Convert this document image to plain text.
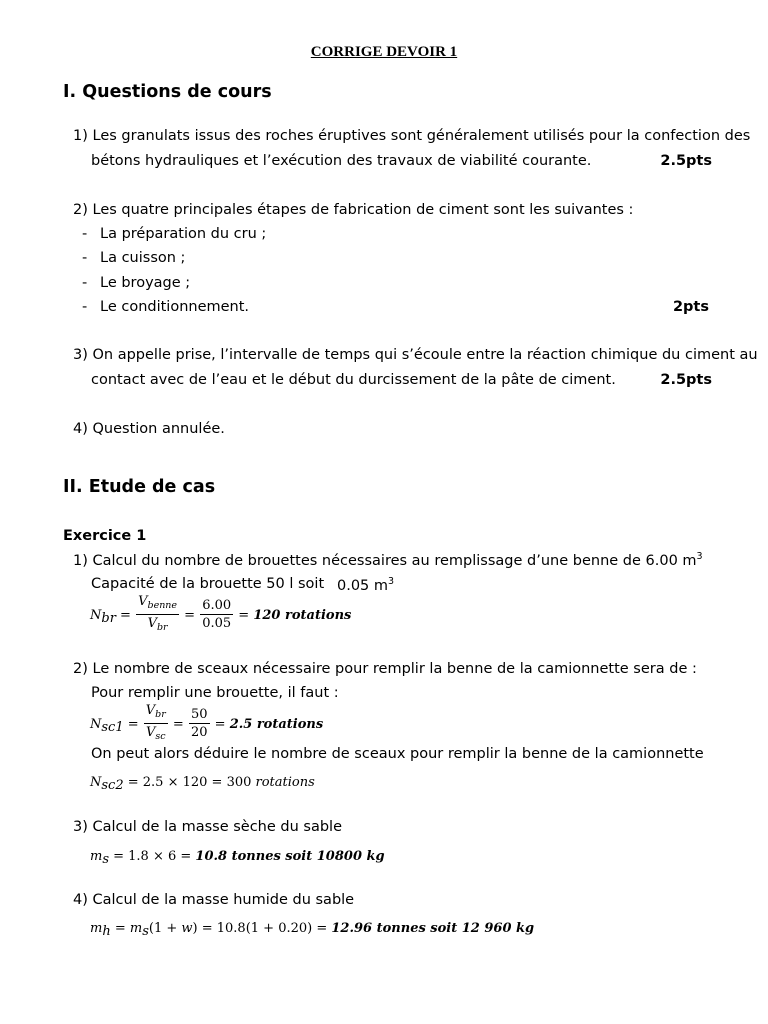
CORRIGE DEVOIR 1
I. Questions de cours
1) Les granulats issus des roches éruptives sont généralement utilisés pour la confection des
bétons hydrauliques et l’exécution des travaux de viabilité courante.	2.5pts
2) Les quatre principales étapes de fabrication de ciment sont les suivantes :
- La préparation du cru ;
- La cuisson ;
- Le broyage ;
- Le conditionnement.	2pts
3) On appelle prise, l’intervalle de temps qui s’écoule entre la réaction chimique du ciment au
contact avec de l’eau et le début du durcissement de la pâte de ciment.	2.5pts
4) Question annulée.
II. Etude de cas
Exercice 1
1) Calcul du nombre de brouettes nécessaires au remplissage d’une benne de 6.00 $m^3$
Capacité de la brouette 50 l soit 0.05 $m^3$
$N_{br} = \frac{V_{benne}}{V_{br}} = \frac{6.00}{0.05} = 120$ rotations
2) Le nombre de sceaux nécessaire pour remplir la benne de la camionnette sera de :
Pour remplir une brouette, il faut :
$N_{sc1} = \frac{V_{br}}{V_{sc}} = \frac{50}{20} = 2.5$ rotations
On peut alors déduire le nombre de sceaux pour remplir la benne de la camionnette
$N_{sc2} = 2.5 \times 120 = 300$ rotations
3) Calcul de la masse sèche du sable
$m_s = 1.8 \times 6 = 10.8$ tonnes soit 10800 kg
4) Calcul de la masse humide du sable
$m_h = m_s(1 + w) = 10.8(1 + 0.20) = 12.96$ tonnes soit 12 960 kg
